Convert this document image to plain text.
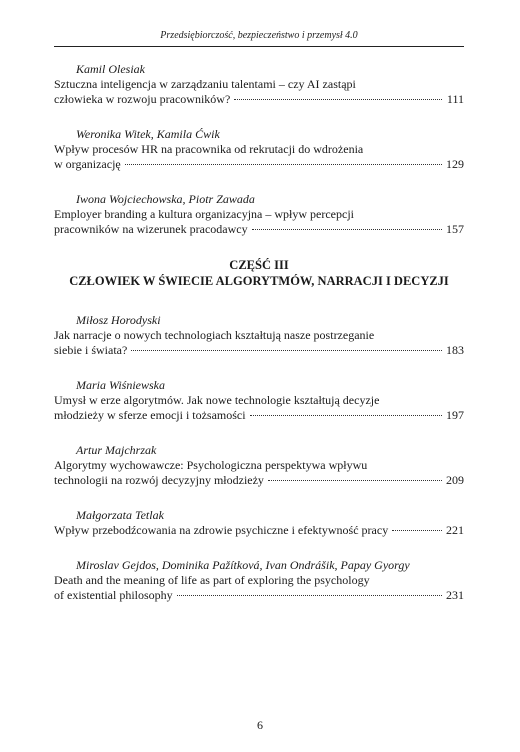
Przedsiębiorczość, bezpieczeństwo i przemysł 4.0
Kamil Olesiak
Sztuczna inteligencja w zarządzaniu talentami – czy AI zastąpi
człowieka w rozwoju pracowników?	111
Weronika Witek, Kamila Ćwik
Wpływ procesów HR na pracownika od rekrutacji do wdrożenia
w organizację	129
Iwona Wojciechowska, Piotr Zawada
Employer branding a kultura organizacyjna – wpływ percepcji
pracowników na wizerunek pracodawcy	157
CZĘŚĆ III
CZŁOWIEK W ŚWIECIE ALGORYTMÓW, NARRACJI I DECYZJI
Miłosz Horodyski
Jak narracje o nowych technologiach kształtują nasze postrzeganie
siebie i świata?	183
Maria Wiśniewska
Umysł w erze algorytmów. Jak nowe technologie kształtują decyzje
młodzieży w sferze emocji i tożsamości	197
Artur Majchrzak
Algorytmy wychowawcze: Psychologiczna perspektywa wpływu
technologii na rozwój decyzyjny młodzieży	209
Małgorzata Tetlak
Wpływ przebodźcowania na zdrowie psychiczne i efektywność pracy	221
Miroslav Gejdos, Dominika Pažítková, Ivan Ondrášik, Papay Gyorgy
Death and the meaning of life as part of exploring the psychology
of existential philosophy	231
6
